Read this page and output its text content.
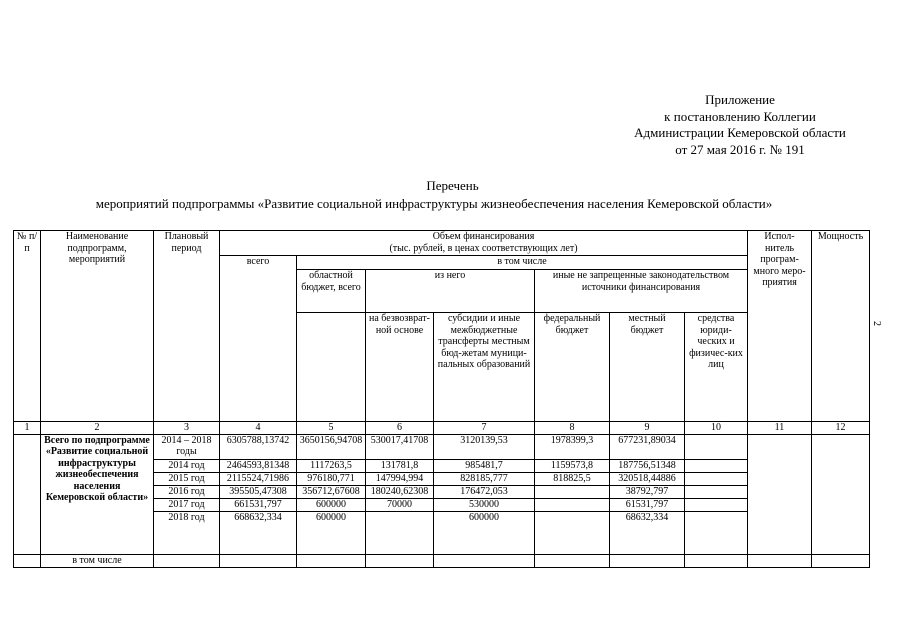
Приложение
к постановлению Коллегии
Администрации Кемеровской области
от 27 мая 2016 г. № 191
Перечень
мероприятий подпрограммы «Развитие социальной инфраструктуры жизнеобеспечения населения Кемеровской области»
2
№ п/п	Наименование подпрограмм, мероприятий	Плановый период	Объем финансирования
(тыс. рублей, в ценах соответствующих лет)							Испол-нитель програм-много меро-приятия	Мощность
			всего	в том числе							
				областной бюджет, всего	из него		иные не запрещенные законодательством источники финансирования				
					на безвозврат-ной основе	субсидии и иные межбюджетные трансферты местным бюд-жетам муници-пальных образований	федеральный бюджет	местный бюджет	средства юриди-ческих и физичес-ких лиц		
1	2	3	4	5	6	7	8	9	10	11	12
	Всего по подпрограмме «Развитие социальной инфраструктуры жизнеобеспечения населения Кемеровской области»	2014 – 2018 годы	6305788,13742	3650156,94708	530017,41708	3120139,53	1978399,3	677231,89034			
		2014 год	2464593,81348	1117263,5	131781,8	985481,7	1159573,8	187756,51348			
		2015 год	2115524,71986	976180,771	147994,994	828185,777	818825,5	320518,44886			
		2016 год	395505,47308	356712,67608	180240,62308	176472,053		38792,797			
		2017 год	661531,797	600000	70000	530000		61531,797			
		2018 год	668632,334	600000		600000		68632,334			
	в том числе										
